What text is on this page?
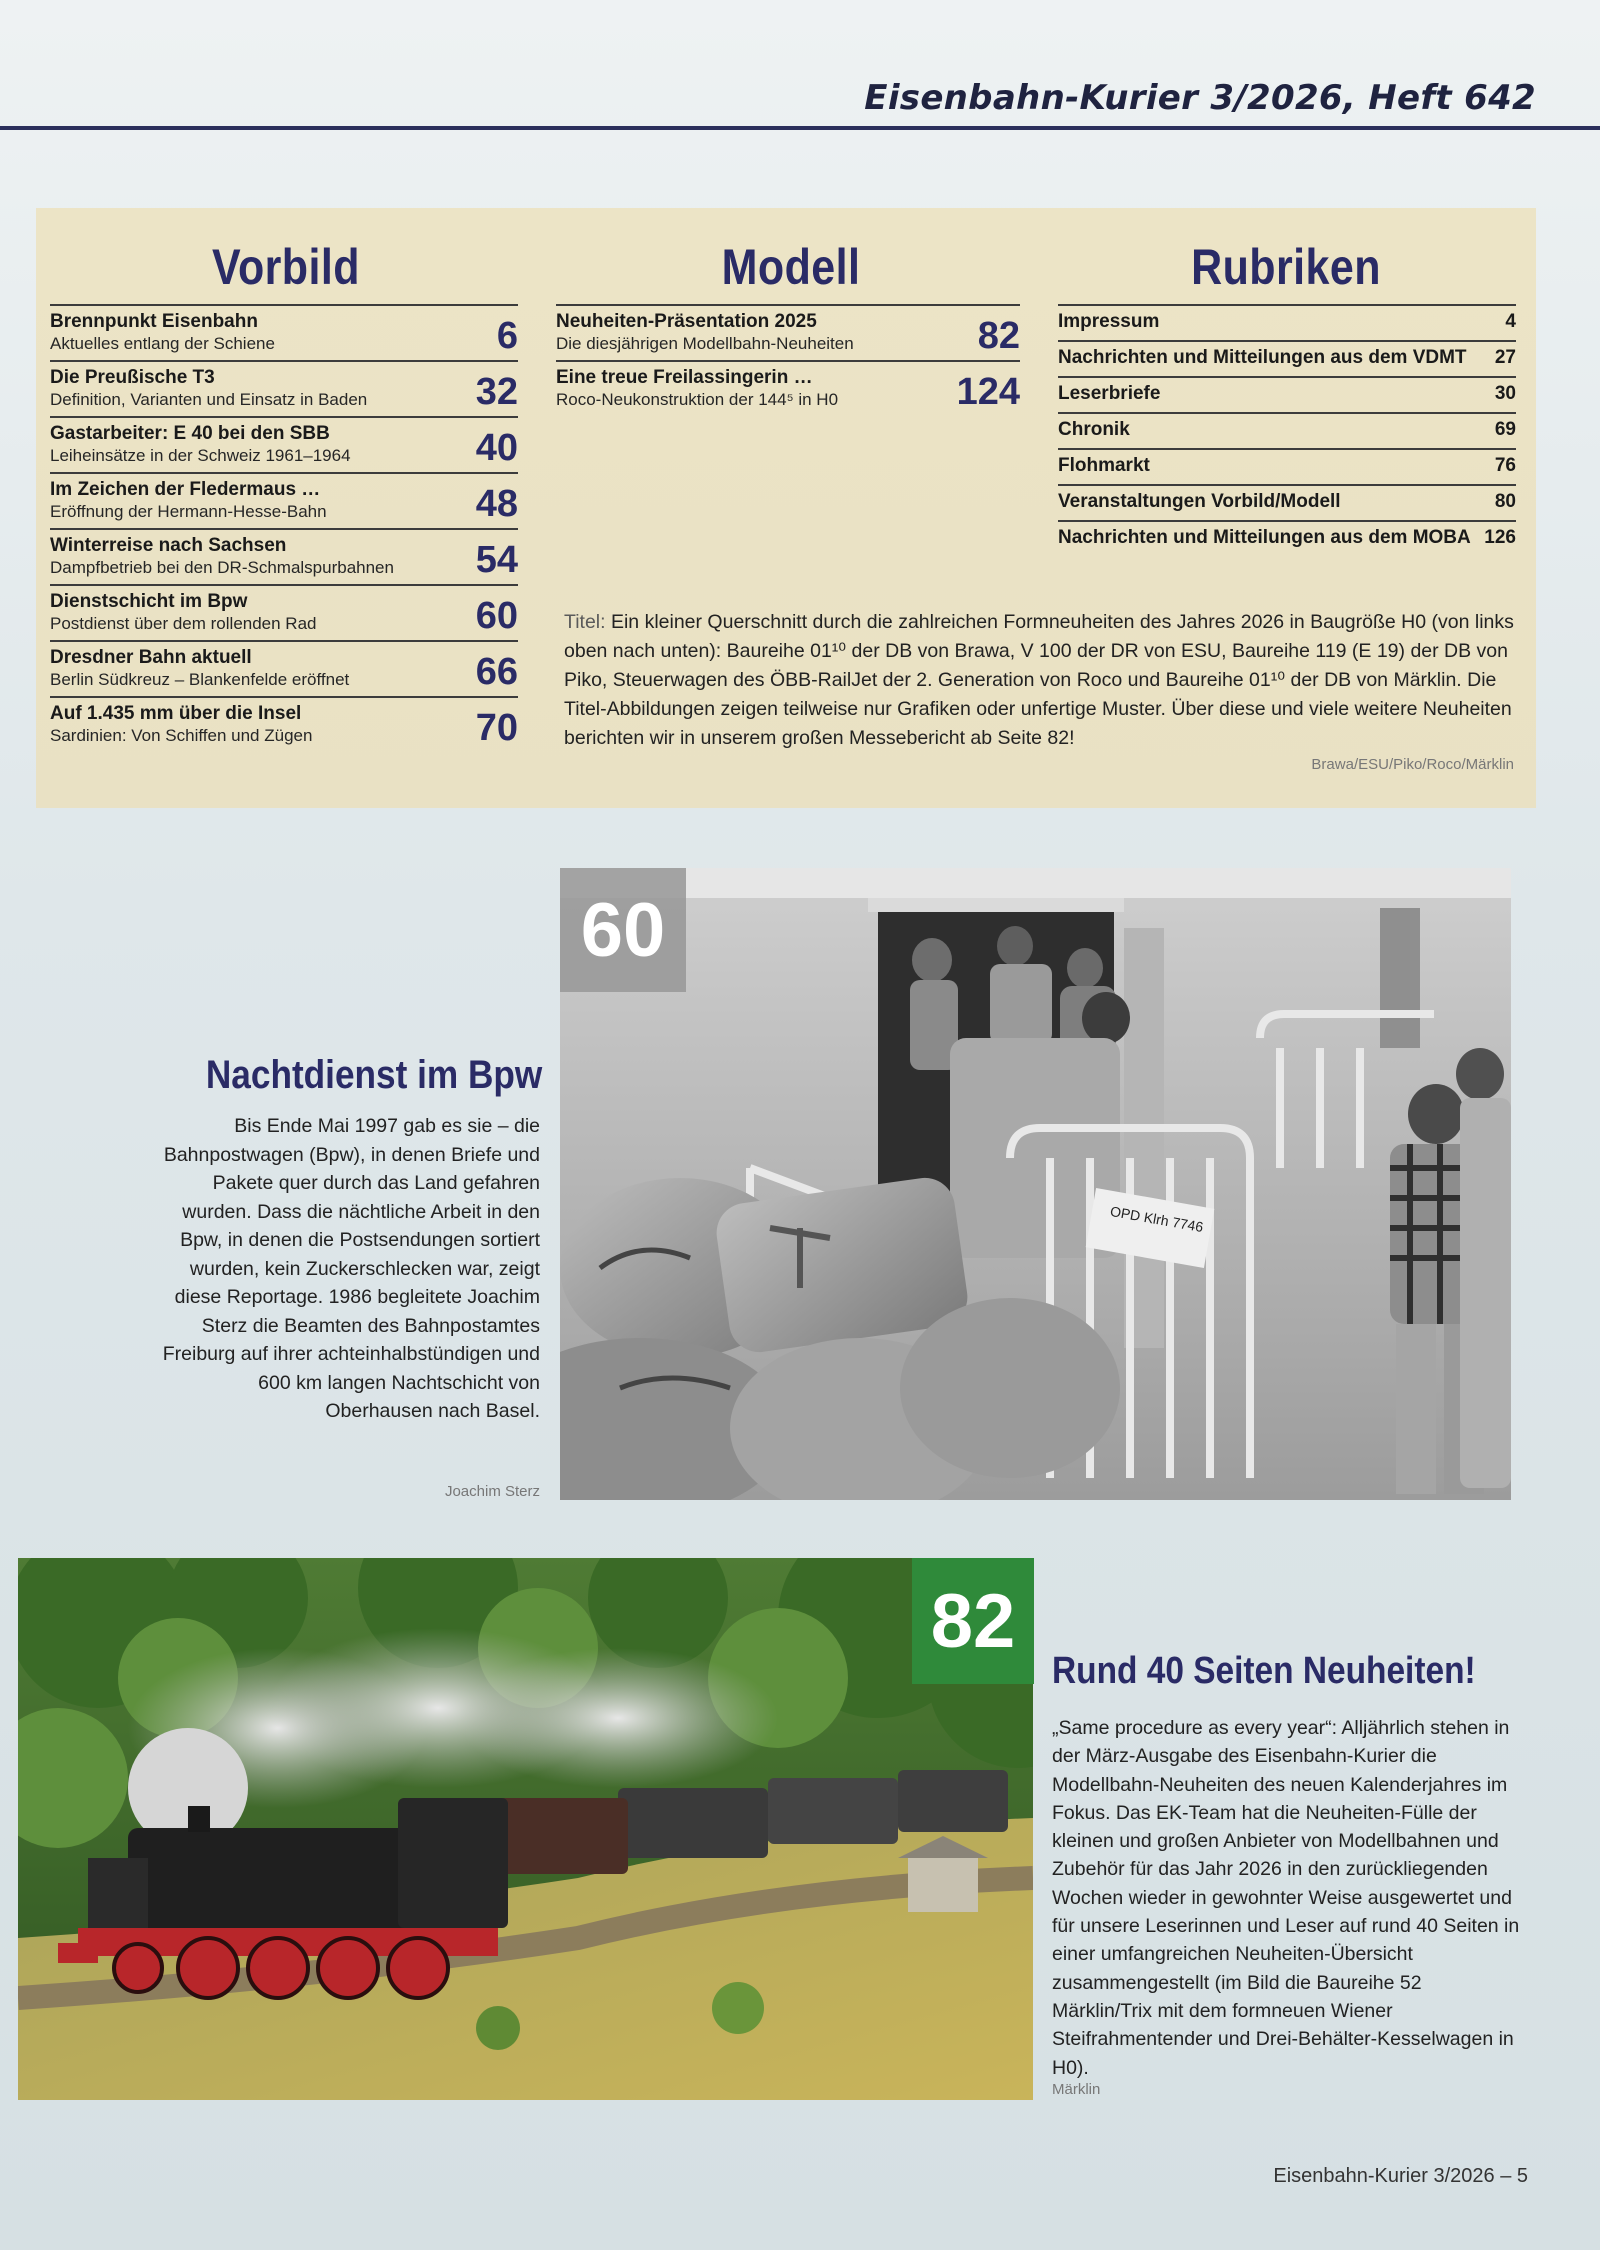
Eisenbahn-Kurier 3/2026, Heft 642
Vorbild	Modell	Rubriken
Brennpunkt Eisenbahn
Aktuelles entlang der Schiene	6
Die Preußische T3
Definition, Varianten und Einsatz in Baden	32
Gastarbeiter: E 40 bei den SBB
Leiheinsätze in der Schweiz 1961–1964	40
Im Zeichen der Fledermaus …
Eröffnung der Hermann-Hesse-Bahn	48
Winterreise nach Sachsen
Dampfbetrieb bei den DR-Schmalspurbahnen	54
Dienstschicht im Bpw
Postdienst über dem rollenden Rad	60
Dresdner Bahn aktuell
Berlin Südkreuz – Blankenfelde eröffnet	66
Auf 1.435 mm über die Insel
Sardinien: Von Schiffen und Zügen	70
Neuheiten-Präsentation 2025
Die diesjährigen Modellbahn-Neuheiten	82
Eine treue Freilassingerin …
Roco-Neukonstruktion der 144⁵ in H0	124
Impressum	4
Nachrichten und Mitteilungen aus dem VDMT 27
Leserbriefe	30
Chronik	69
Flohmarkt	76
Veranstaltungen Vorbild/Modell	80
Nachrichten und Mitteilungen aus dem MOBA 126
Titel: Ein kleiner Querschnitt durch die zahlreichen Formneuheiten des Jahres 2026 in Baugröße H0 (von links oben nach unten): Baureihe 01¹⁰ der DB von Brawa, V 100 der DR von ESU, Baureihe 119 (E 19) der DB von Piko, Steuerwagen des ÖBB-RailJet der 2. Generation von Roco und Baureihe 01¹⁰ der DB von Märklin. Die Titel-Abbildungen zeigen teilweise nur Grafiken oder unfertige Muster. Über diese und viele weitere Neuheiten berichten wir in unserem großen Messebericht ab Seite 82!
Brawa/ESU/Piko/Roco/Märklin
OPD Klrh 7746
60
Nachtdienst im Bpw
Bis Ende Mai 1997 gab es sie – die Bahnpostwagen (Bpw), in denen Briefe und Pakete quer durch das Land gefahren wurden. Dass die nächtliche Arbeit in den Bpw, in denen die Postsendungen sortiert wurden, kein Zuckerschlecken war, zeigt diese Reportage. 1986 begleitete Joachim Sterz die Beamten des Bahnpostamtes Freiburg auf ihrer achteinhalbstündigen und 600 km langen Nachtschicht von Oberhausen nach Basel.
Joachim Sterz
82
Rund 40 Seiten Neuheiten!
„Same procedure as every year“: Alljährlich stehen in der März-Ausgabe des Eisenbahn-Kurier die Modellbahn-Neuheiten des neuen Kalenderjahres im Fokus. Das EK-Team hat die Neuheiten-Fülle der kleinen und großen Anbieter von Modellbahnen und Zubehör für das Jahr 2026 in den zurückliegenden Wochen wieder in gewohnter Weise ausgewertet und für unsere Leserinnen und Leser auf rund 40 Seiten in einer umfangreichen Neuheiten-Übersicht zusammengestellt (im Bild die Baureihe 52 Märklin/Trix mit dem formneuen Wiener Steifrahmentender und Drei-Behälter-Kesselwagen in H0).
Märklin
Eisenbahn-Kurier 3/2026 – 5
